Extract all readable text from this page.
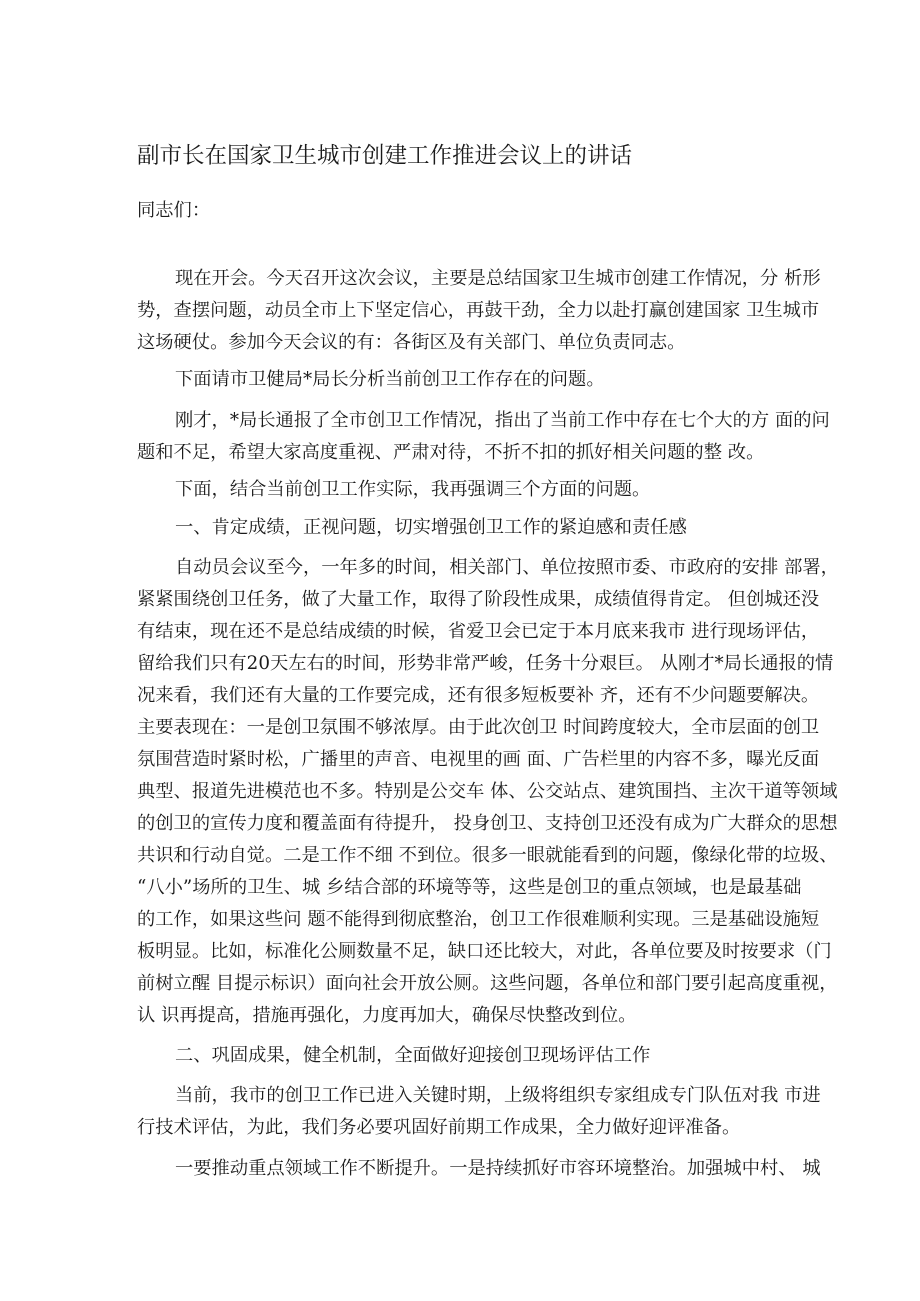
副市长在国家卫生城市创建工作推进会议上的讲话
同志们：
现在开会。今天召开这次会议，主要是总结国家卫生城市创建工作情况，分 析形
势，查摆问题，动员全市上下坚定信心，再鼓干劲，全力以赴打赢创建国家 卫生城市
这场硬仗。参加今天会议的有：各街区及有关部门、单位负责同志。
下面请市卫健局*局长分析当前创卫工作存在的问题。
刚才，*局长通报了全市创卫工作情况，指出了当前工作中存在七个大的方 面的问
题和不足，希望大家高度重视、严肃对待，不折不扣的抓好相关问题的整 改。
下面，结合当前创卫工作实际，我再强调三个方面的问题。
一、肯定成绩，正视问题，切实增强创卫工作的紧迫感和责任感
自动员会议至今，一年多的时间，相关部门、单位按照市委、市政府的安排 部署，
紧紧围绕创卫任务，做了大量工作，取得了阶段性成果，成绩值得肯定。 但创城还没
有结束，现在还不是总结成绩的时候，省爱卫会已定于本月底来我市 进行现场评估，
留给我们只有20天左右的时间，形势非常严峻，任务十分艰巨。 从刚才*局长通报的情
况来看，我们还有大量的工作要完成，还有很多短板要补 齐，还有不少问题要解决。
主要表现在：一是创卫氛围不够浓厚。由于此次创卫 时间跨度较大，全市层面的创卫
氛围营造时紧时松，广播里的声音、电视里的画 面、广告栏里的内容不多，曝光反面
典型、报道先进模范也不多。特别是公交车 体、公交站点、建筑围挡、主次干道等领域
的创卫的宣传力度和覆盖面有待提升， 投身创卫、支持创卫还没有成为广大群众的思想
共识和行动自觉。二是工作不细 不到位。很多一眼就能看到的问题，像绿化带的垃圾、
“八小”场所的卫生、城 乡结合部的环境等等，这些是创卫的重点领域，也是最基础
的工作，如果这些问 题不能得到彻底整治，创卫工作很难顺利实现。三是基础设施短
板明显。比如，标准化公厕数量不足，缺口还比较大，对此，各单位要及时按要求（门
前树立醒 目提示标识）面向社会开放公厕。这些问题，各单位和部门要引起高度重视，
认 识再提高，措施再强化，力度再加大，确保尽快整改到位。
二、巩固成果，健全机制，全面做好迎接创卫现场评估工作
当前，我市的创卫工作已进入关键时期，上级将组织专家组成专门队伍对我 市进
行技术评估，为此，我们务必要巩固好前期工作成果，全力做好迎评准备。
一要推动重点领域工作不断提升。一是持续抓好市容环境整治。加强城中村、 城
